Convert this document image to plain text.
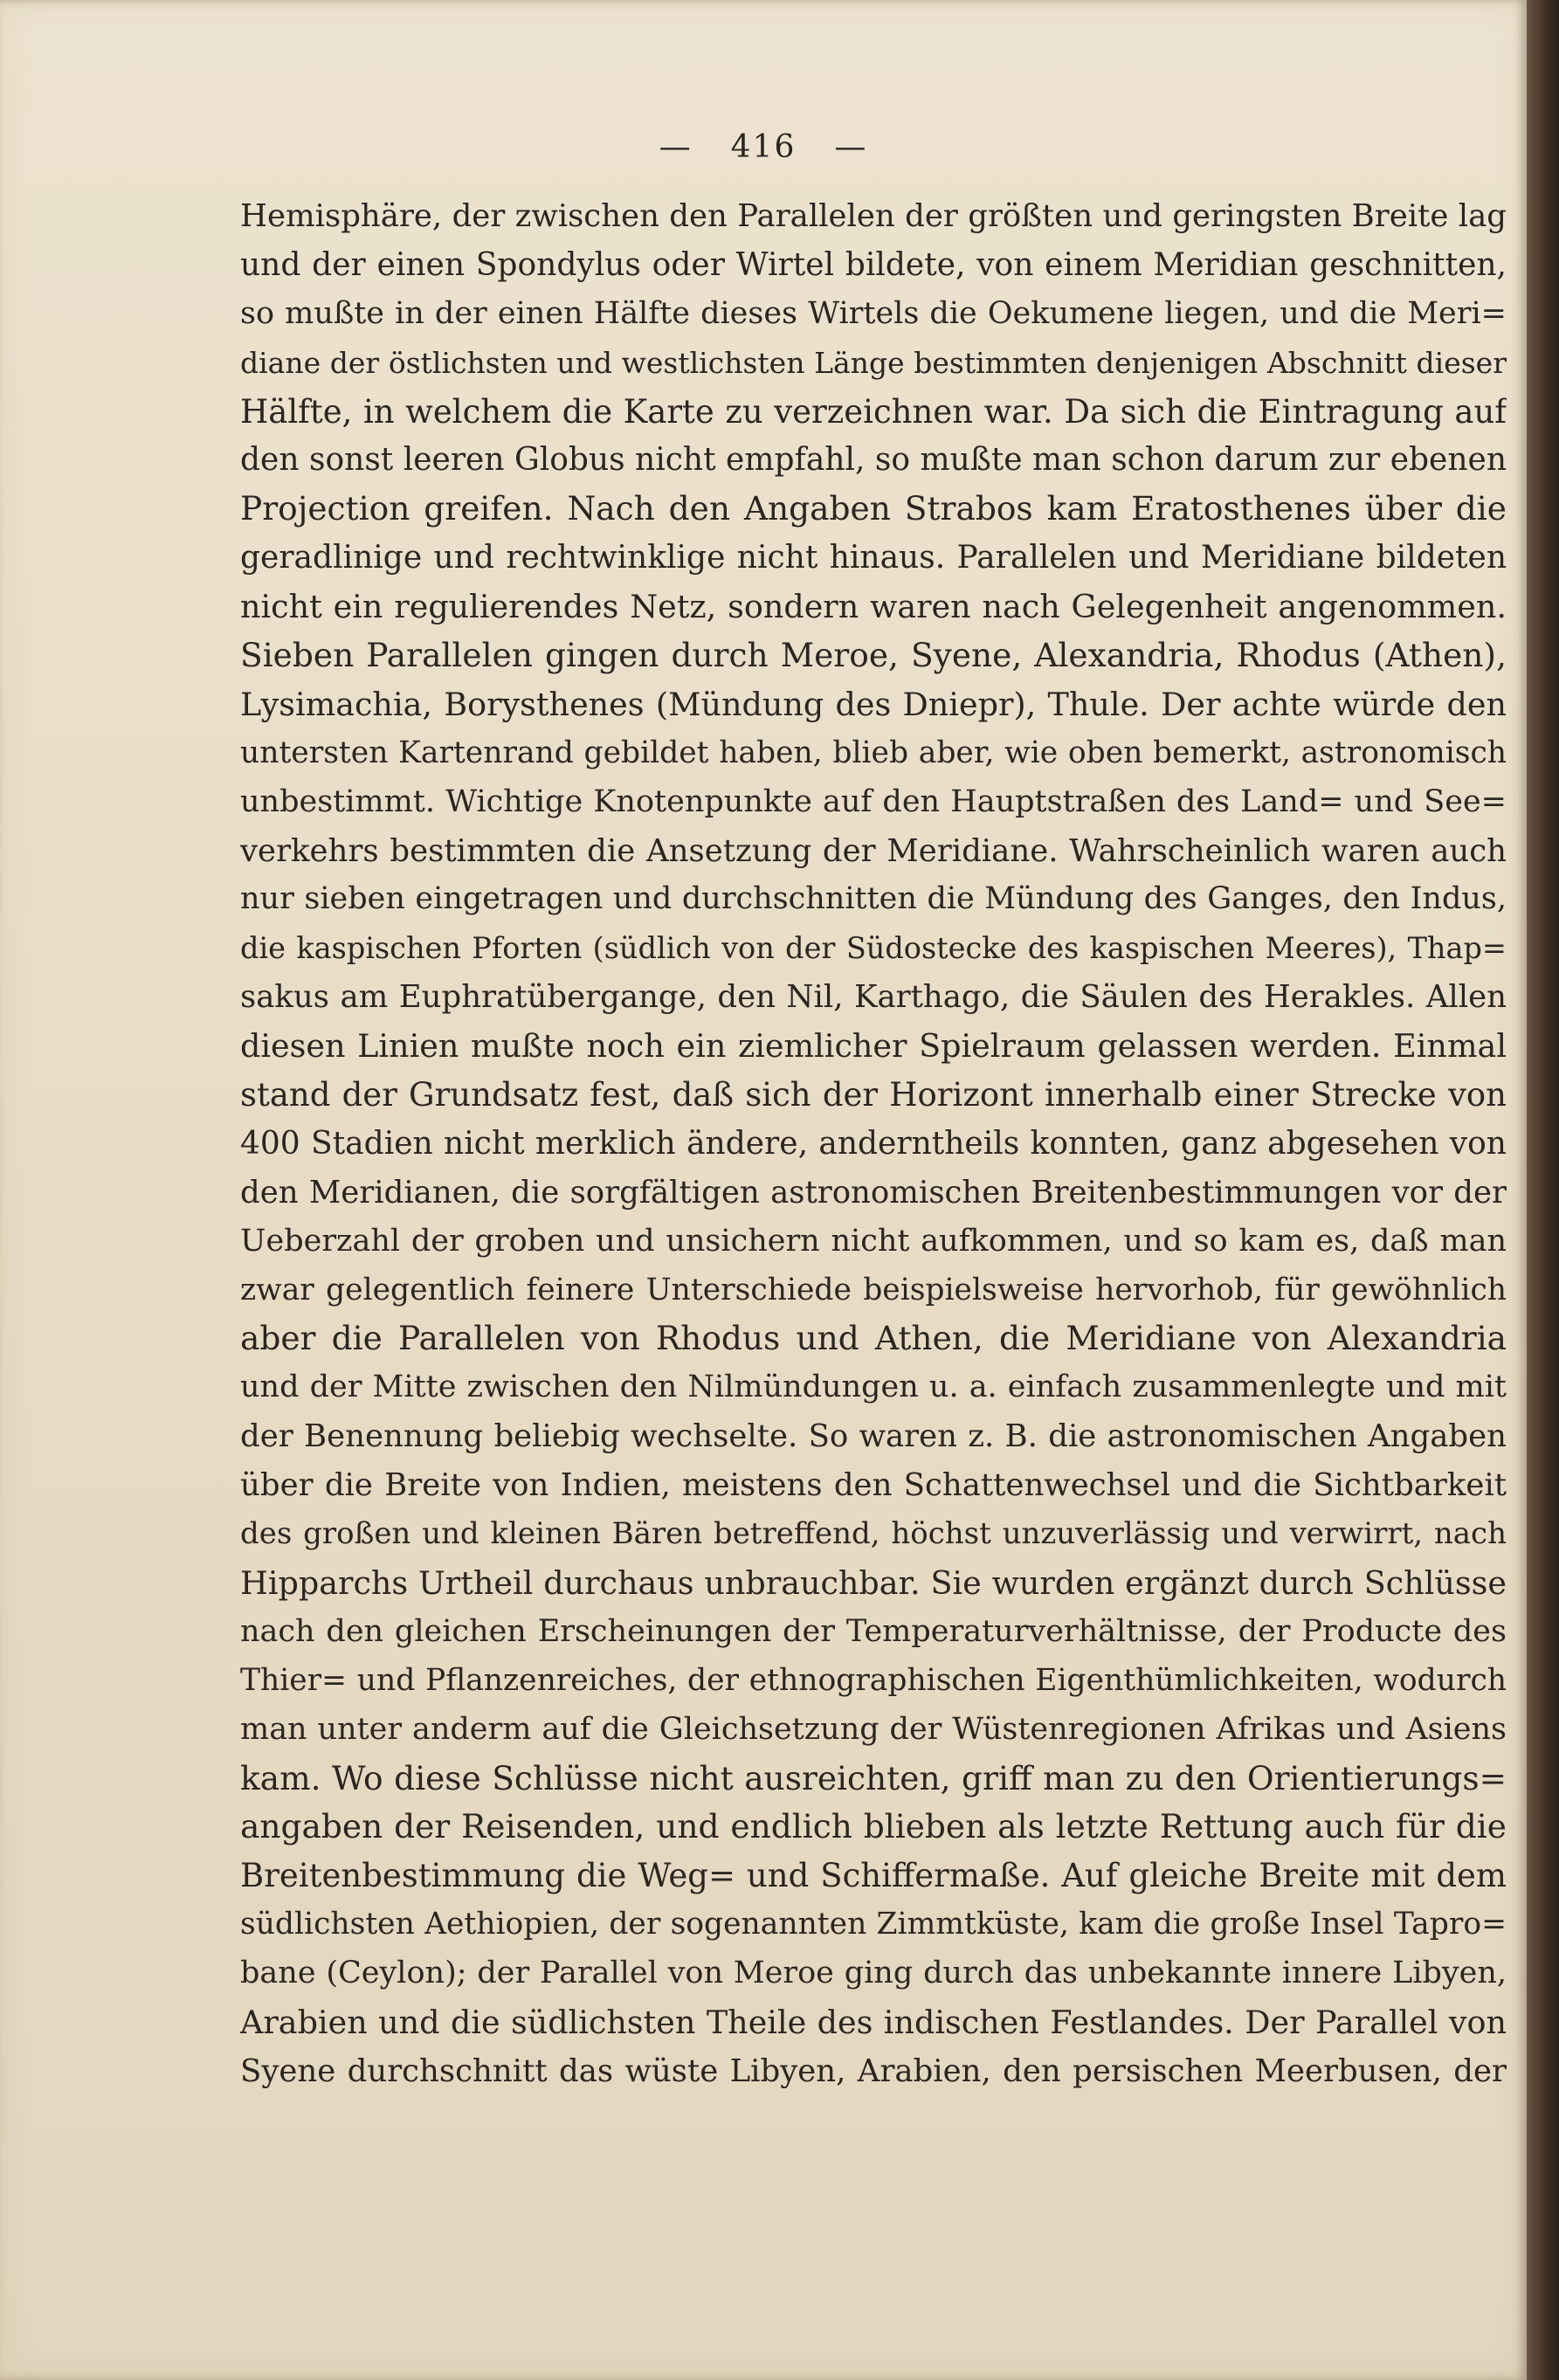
— 416 —
Hemisphäre, der zwischen den Parallelen der größten und geringsten Breite lag
und der einen Spondylus oder Wirtel bildete, von einem Meridian geschnitten,
so mußte in der einen Hälfte dieses Wirtels die Oekumene liegen, und die Meri=
diane der östlichsten und westlichsten Länge bestimmten denjenigen Abschnitt dieser
Hälfte, in welchem die Karte zu verzeichnen war. Da sich die Eintragung auf
den sonst leeren Globus nicht empfahl, so mußte man schon darum zur ebenen
Projection greifen. Nach den Angaben Strabos kam Eratosthenes über die
geradlinige und rechtwinklige nicht hinaus. Parallelen und Meridiane bildeten
nicht ein regulierendes Netz, sondern waren nach Gelegenheit angenommen.
Sieben Parallelen gingen durch Meroe, Syene, Alexandria, Rhodus (Athen),
Lysimachia, Borysthenes (Mündung des Dniepr), Thule. Der achte würde den
untersten Kartenrand gebildet haben, blieb aber, wie oben bemerkt, astronomisch
unbestimmt. Wichtige Knotenpunkte auf den Hauptstraßen des Land= und See=
verkehrs bestimmten die Ansetzung der Meridiane. Wahrscheinlich waren auch
nur sieben eingetragen und durchschnitten die Mündung des Ganges, den Indus,
die kaspischen Pforten (südlich von der Südostecke des kaspischen Meeres), Thap=
sakus am Euphratübergange, den Nil, Karthago, die Säulen des Herakles. Allen
diesen Linien mußte noch ein ziemlicher Spielraum gelassen werden. Einmal
stand der Grundsatz fest, daß sich der Horizont innerhalb einer Strecke von
400 Stadien nicht merklich ändere, anderntheils konnten, ganz abgesehen von
den Meridianen, die sorgfältigen astronomischen Breitenbestimmungen vor der
Ueberzahl der groben und unsichern nicht aufkommen, und so kam es, daß man
zwar gelegentlich feinere Unterschiede beispielsweise hervorhob, für gewöhnlich
aber die Parallelen von Rhodus und Athen, die Meridiane von Alexandria
und der Mitte zwischen den Nilmündungen u. a. einfach zusammenlegte und mit
der Benennung beliebig wechselte. So waren z. B. die astronomischen Angaben
über die Breite von Indien, meistens den Schattenwechsel und die Sichtbarkeit
des großen und kleinen Bären betreffend, höchst unzuverlässig und verwirrt, nach
Hipparchs Urtheil durchaus unbrauchbar. Sie wurden ergänzt durch Schlüsse
nach den gleichen Erscheinungen der Temperaturverhältnisse, der Producte des
Thier= und Pflanzenreiches, der ethnographischen Eigenthümlichkeiten, wodurch
man unter anderm auf die Gleichsetzung der Wüstenregionen Afrikas und Asiens
kam. Wo diese Schlüsse nicht ausreichten, griff man zu den Orientierungs=
angaben der Reisenden, und endlich blieben als letzte Rettung auch für die
Breitenbestimmung die Weg= und Schiffermaße. Auf gleiche Breite mit dem
südlichsten Aethiopien, der sogenannten Zimmtküste, kam die große Insel Tapro=
bane (Ceylon); der Parallel von Meroe ging durch das unbekannte innere Libyen,
Arabien und die südlichsten Theile des indischen Festlandes. Der Parallel von
Syene durchschnitt das wüste Libyen, Arabien, den persischen Meerbusen, der
